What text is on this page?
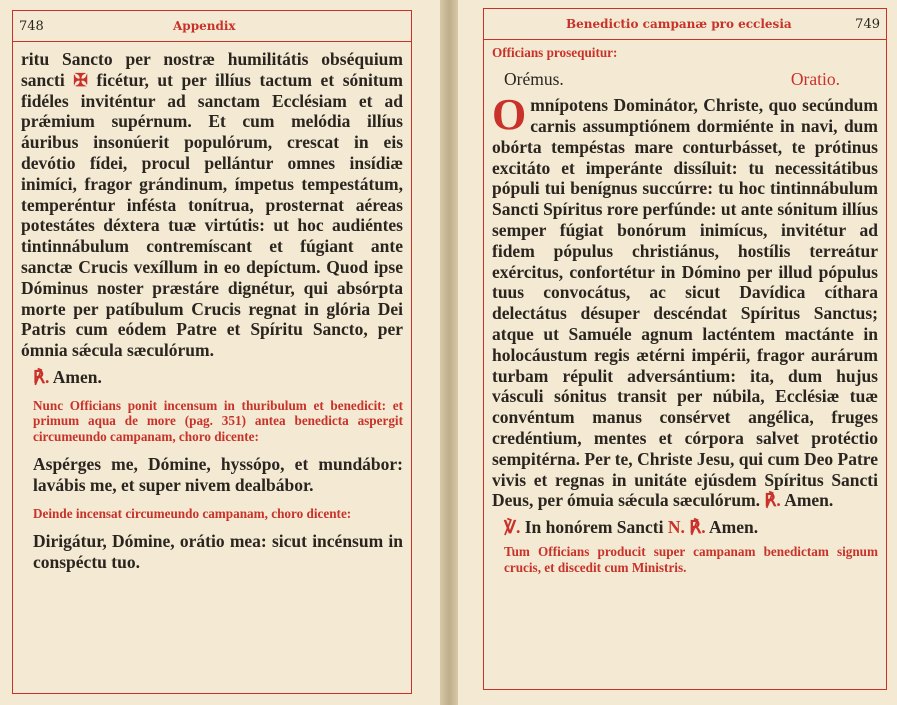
748	Appendix

ritu Sancto per nostræ humilitátis obséquium sancti ✠ ficétur, ut per illíus tactum et sónitum fidéles inviténtur ad sanctam Ecclésiam et ad prǽmium supérnum. Et cum melódia illíus áuribus insonúerit populórum, crescat in eis devótio fídei, procul pellántur omnes insídiæ inimíci, fragor grándinum, ímpetus tempestátum, temperéntur inféstа tonítrua, prosternat aéreas potestátes déxtera tuæ virtútis: ut hoc audiéntes tintinnábulum contremíscant et fúgiant ante sanctæ Crucis vexíllum in eo depíctum. Quod ipse Dóminus noster præstáre dignétur, qui absórpta morte per patíbulum Crucis regnat in glória Dei Patris cum eódem Patre et Spíritu Sancto, per ómnia sǽcula sæculórum.

℟. Amen.

Nunc Officians ponit incensum in thuribulum et benedicit: et primum aqua de more (pag. 351) antea benedicta aspergit circumeundo campanam, choro dicente:

Aspérges me, Dómine, hyssópo, et mundábor: lavábis me, et super nivem dealbábor.

Deinde incensat circumeundo campanam, choro dicente:

Dirigátur, Dómine, orátio mea: sicut incénsum in conspéctu tuo.

Benedictio campanæ pro ecclesia	749

Officians prosequitur:

Orémus.	Oratio.

Omnípotens Dominátor, Christe, quo secúndum carnis assumptiónem dormiénte in navi, dum obórta tempéstas mare conturbásset, te prótinus excitáto et imperánte dissíluit: tu necessitátibus pópuli tui benígnus succúrre: tu hoc tintinnábulum Sancti Spíritus rore perfúnde: ut ante sónitum illíus semper fúgiat bonórum inimícus, invitétur ad fidem pópulus christiánus, hostílis terreátur exércitus, confortétur in Dómino per illud pópulus tuus convocátus, ac sicut Davídica cíthara delectátus désuper descéndat Spíritus Sanctus; atque ut Samuéle agnum lacténtem mactánte in holocáustum regis ætérni impérii, fragor aurárum turbam répulit adversántium: ita, dum hujus vásculi sónitus transit per núbila, Ecclésiæ tuæ convéntum manus consérvet angélica, fruges credéntium, mentes et córpora salvet protéctio sempitérna. Per te, Christe Jesu, qui cum Deo Patre vivis et regnas in unitáte ejúsdem Spíritus Sancti Deus, per ómuia sǽcula sæculórum. ℟. Amen.

℣. In honórem Sancti N. ℟. Amen.

Tum Officians producit super campanam benedictam signum crucis, et discedit cum Ministris.
